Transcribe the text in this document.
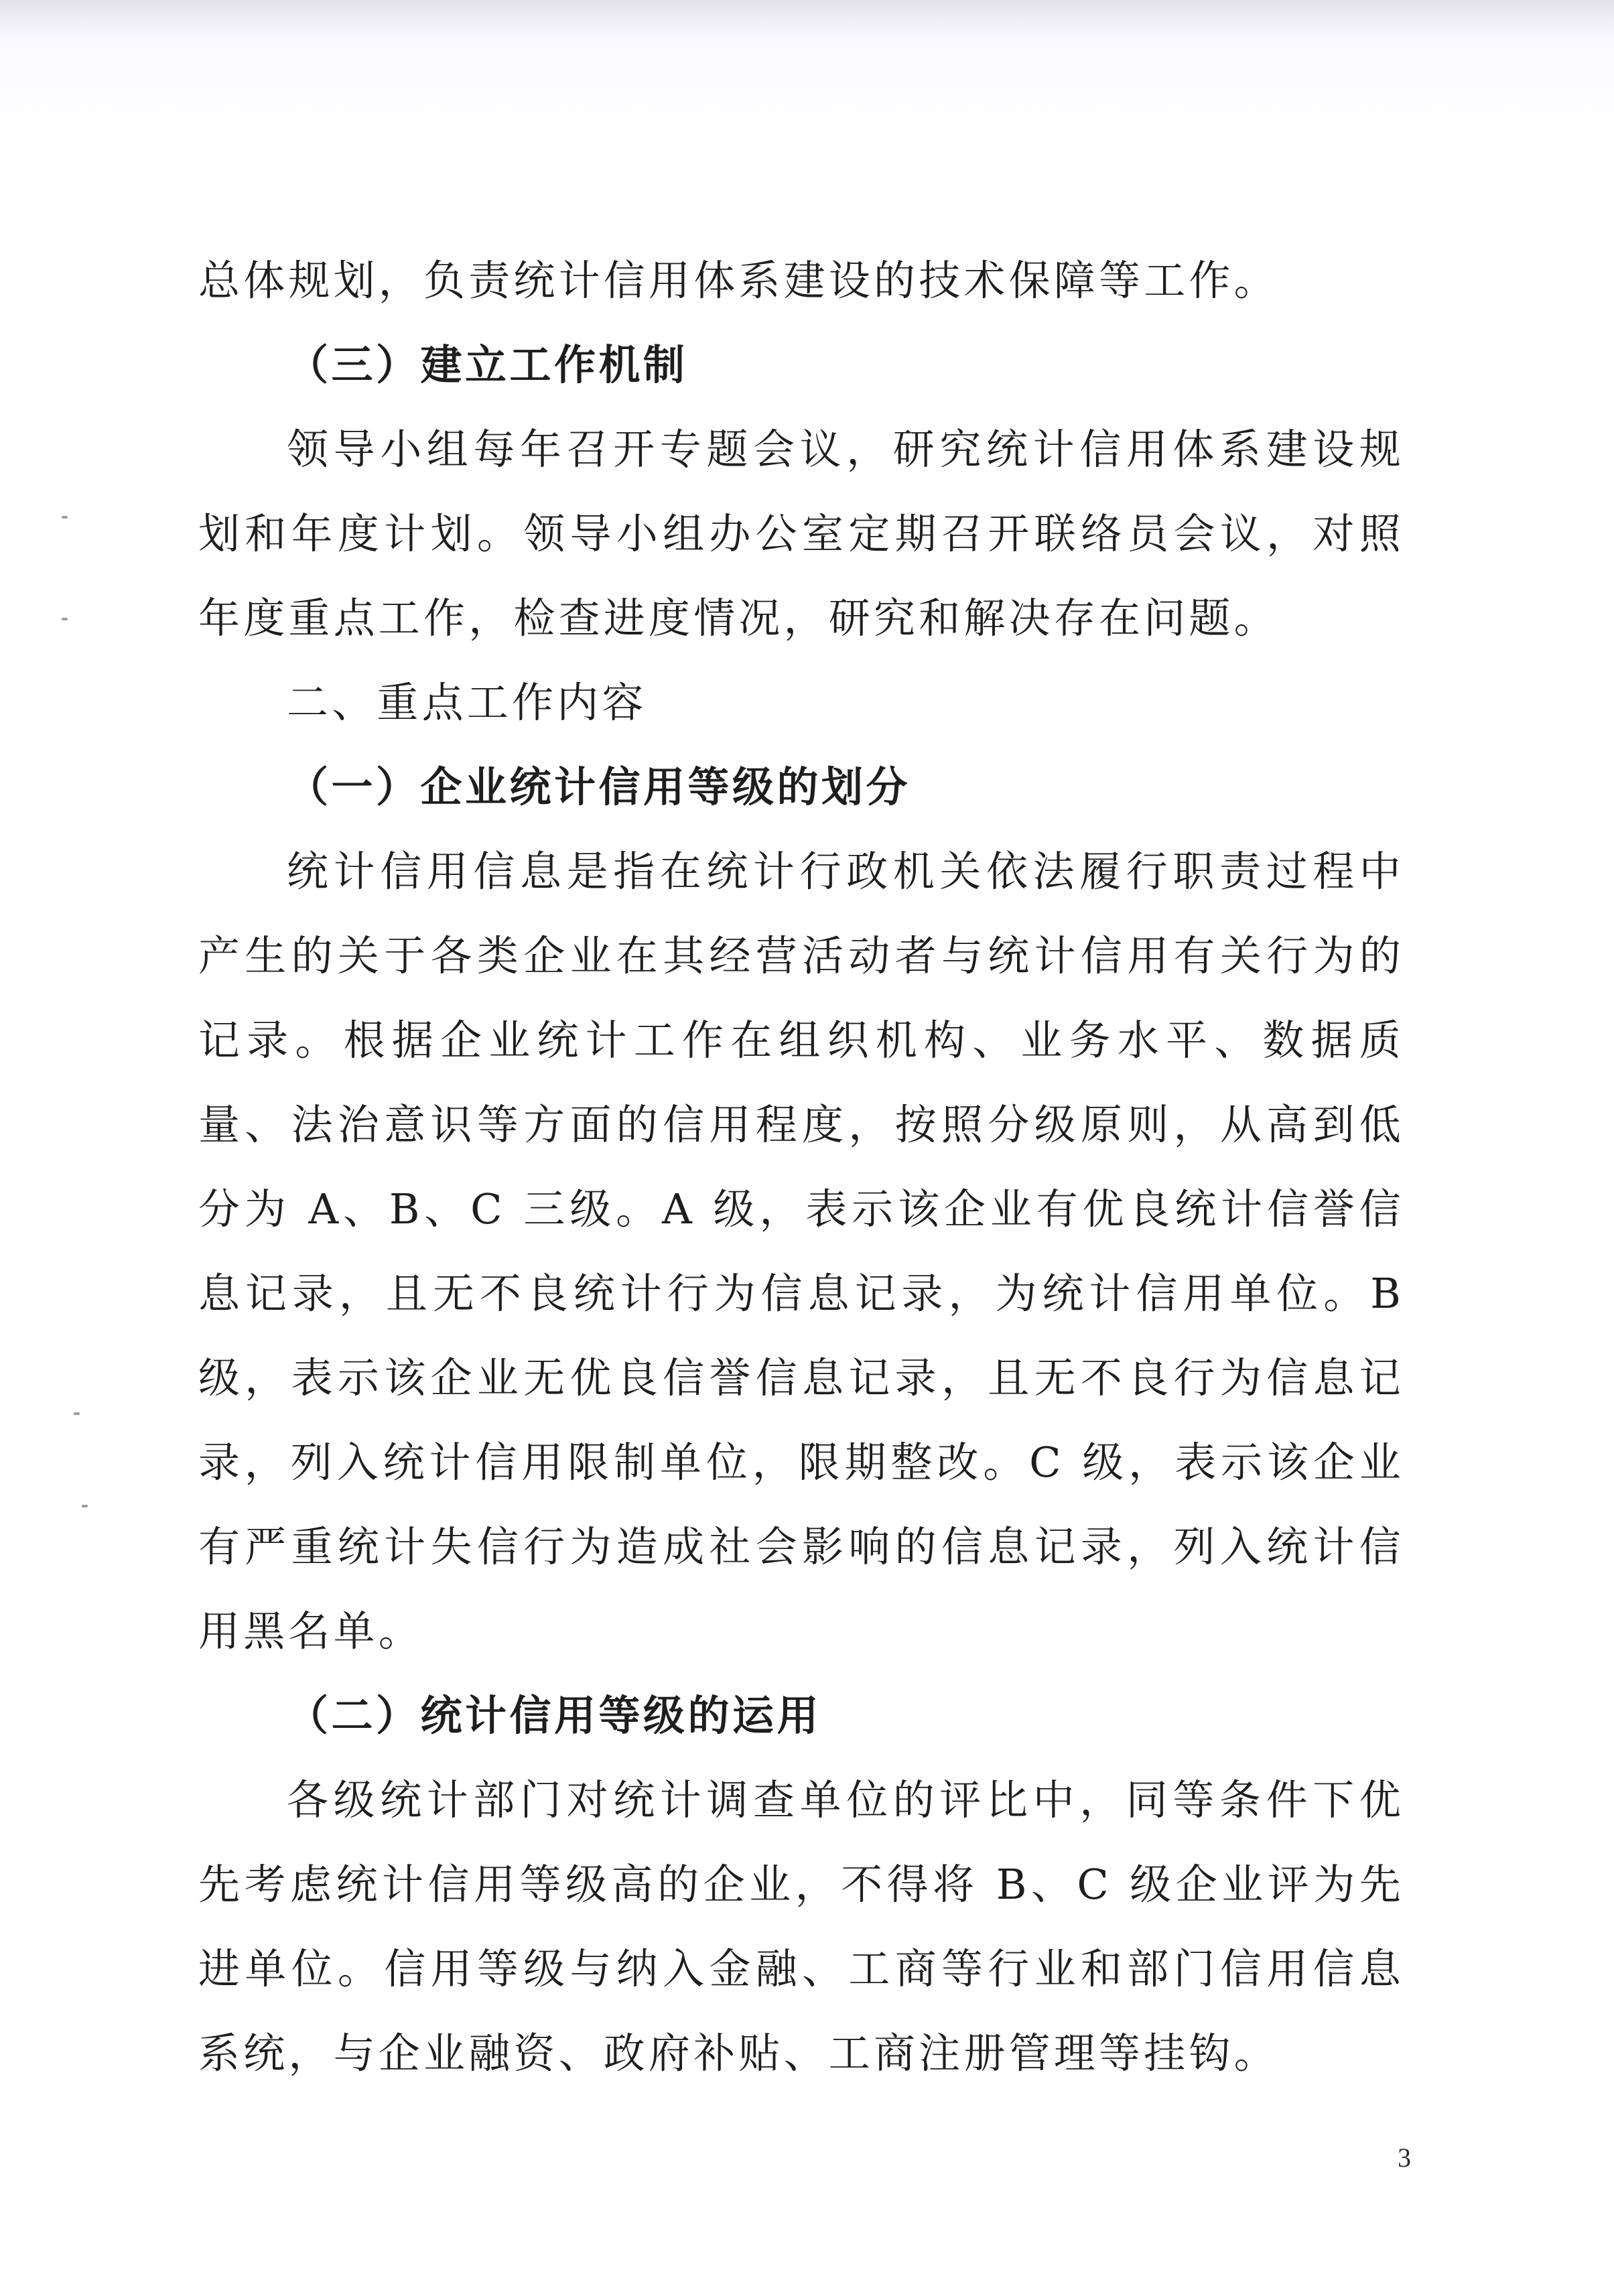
总体规划，负责统计信用体系建设的技术保障等工作。

（三）建立工作机制

领导小组每年召开专题会议，研究统计信用体系建设规划和年度计划。领导小组办公室定期召开联络员会议，对照年度重点工作，检查进度情况，研究和解决存在问题。

二、重点工作内容

（一）企业统计信用等级的划分

统计信用信息是指在统计行政机关依法履行职责过程中产生的关于各类企业在其经营活动者与统计信用有关行为的记录。根据企业统计工作在组织机构、业务水平、数据质量、法治意识等方面的信用程度，按照分级原则，从高到低分为 A、B、C 三级。A 级，表示该企业有优良统计信誉信息记录，且无不良统计行为信息记录，为统计信用单位。B 级，表示该企业无优良信誉信息记录，且无不良行为信息记录，列入统计信用限制单位，限期整改。C 级，表示该企业有严重统计失信行为造成社会影响的信息记录，列入统计信用黑名单。

（二）统计信用等级的运用

各级统计部门对统计调查单位的评比中，同等条件下优先考虑统计信用等级高的企业，不得将 B、C 级企业评为先进单位。信用等级与纳入金融、工商等行业和部门信用信息系统，与企业融资、政府补贴、工商注册管理等挂钩。

3
